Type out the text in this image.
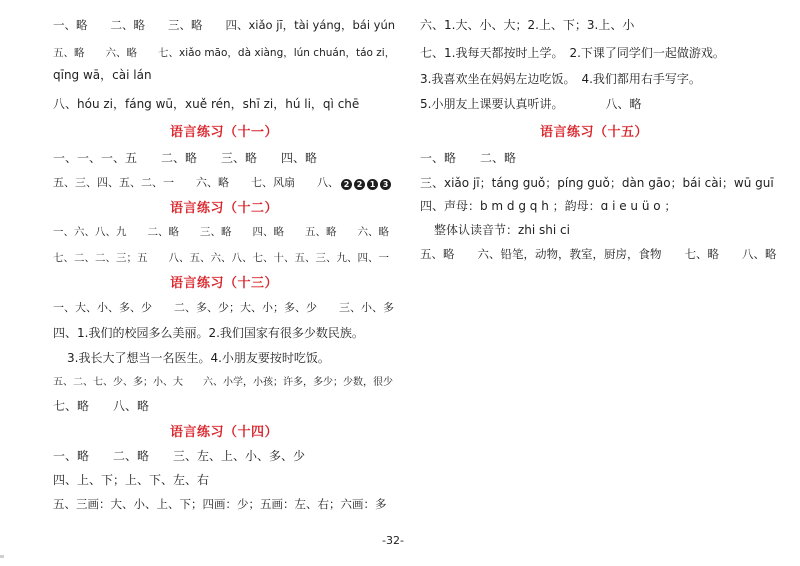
一、略　　二、略　　三、略　　四、xiǎo jī，tài yáng，bái yún
五、略　　六、略　　七、xiǎo māo，dà xiàng，lún chuán，táo zi，
qīng wā，cài lán
八、hóu zi，fáng wū，xuě rén，shī zi，hú li，qì chē
语言练习（十一）
一、一、一、五　　二、略　　三、略　　四、略
五、三、四、五、二、一　　六、略　　七、风扇　　八、 2 2 1 3
语言练习（十二）
一、六、八、九　　二、略　　三、略　　四、略　　五、略　　六、略
七、二、二、三；五　　八、五、六、八、七、十、五、三、九、四、一
语言练习（十三）
一、大、小、多、少　　二、多、少；大、小；多、少　　三、小、多
四、1.我们的校园多么美丽。2.我们国家有很多少数民族。
3.我长大了想当一名医生。4.小朋友要按时吃饭。
五、二、七、少、多；小、大　　六、小学，小孩；许多，多少；少数，很少
七、略　　八、略
语言练习（十四）
一、略　　二、略　　三、左、上、小、多、少
四、上、下；上、下、左、右
五、三画：大、小、上、下；四画：少；五画：左、右；六画：多
六、1.大、小、大；2.上、下；3.上、小
七、1.我每天都按时上学。　2.下课了同学们一起做游戏。
3.我喜欢坐在妈妈左边吃饭。　4.我们都用右手写字。
5.小朋友上课要认真听讲。　　　　八、略
语言练习（十五）
一、略　　二、略
三、xiǎo jī；táng guǒ；píng guǒ；dàn gāo；bái cài；wū guī
四、声母：b m d g q h ；韵母：ɑ i e u ü o ；
整体认读音节：zhi shi ci
五、略　　六、铅笔，动物，教室，厨房，食物　　七、略　　八、略
-32-
